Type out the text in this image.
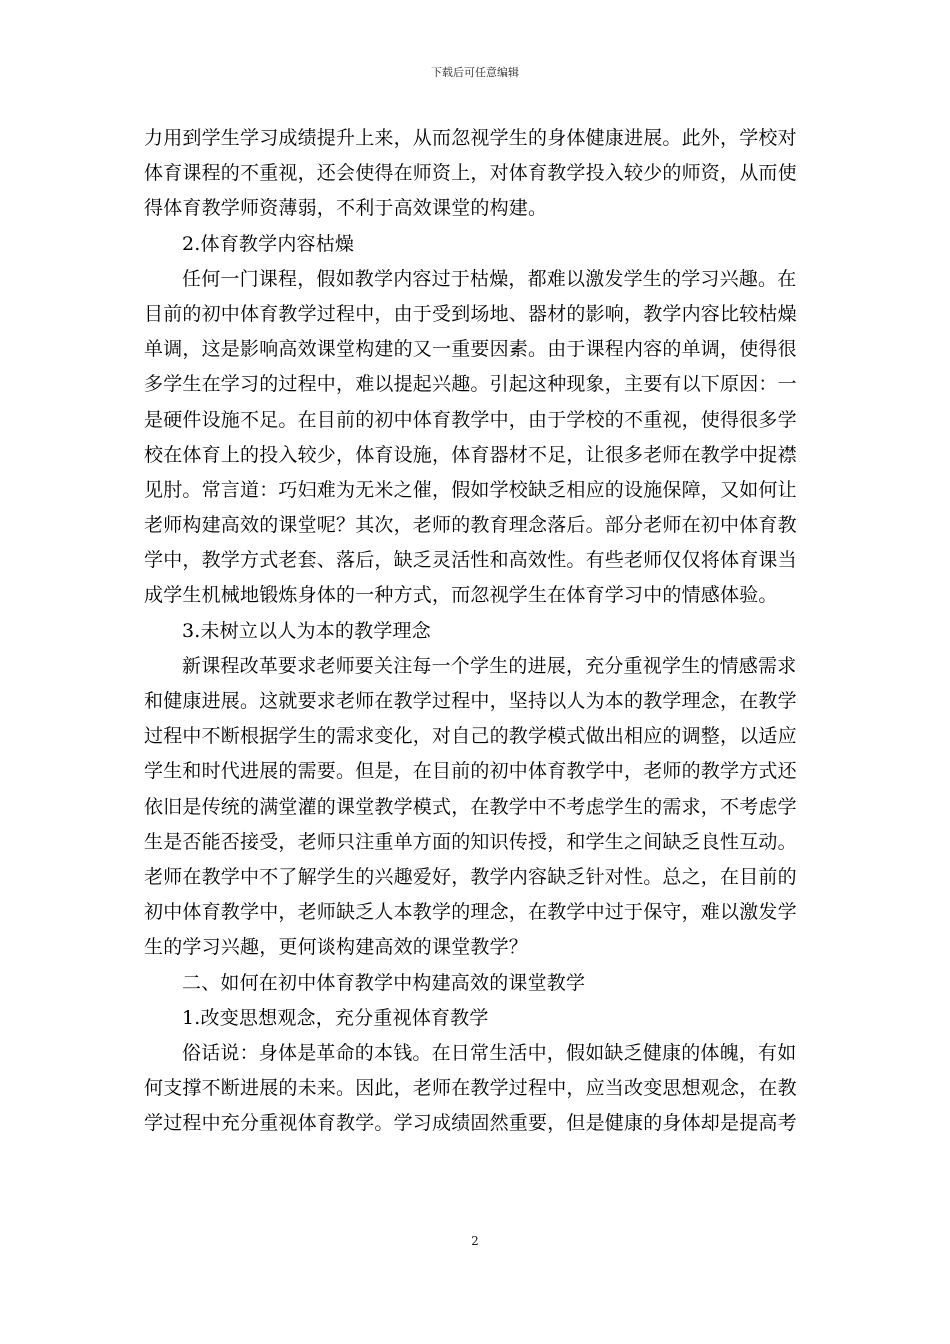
下载后可任意编辑
力用到学生学习成绩提升上来，从而忽视学生的身体健康进展。此外，学校对
体育课程的不重视，还会使得在师资上，对体育教学投入较少的师资，从而使
得体育教学师资薄弱，不利于高效课堂的构建。
2.体育教学内容枯燥
任何一门课程，假如教学内容过于枯燥，都难以激发学生的学习兴趣。在
目前的初中体育教学过程中，由于受到场地、器材的影响，教学内容比较枯燥
单调，这是影响高效课堂构建的又一重要因素。由于课程内容的单调，使得很
多学生在学习的过程中，难以提起兴趣。引起这种现象，主要有以下原因：一
是硬件设施不足。在目前的初中体育教学中，由于学校的不重视，使得很多学
校在体育上的投入较少，体育设施，体育器材不足，让很多老师在教学中捉襟
见肘。常言道：巧妇难为无米之催，假如学校缺乏相应的设施保障，又如何让
老师构建高效的课堂呢？其次，老师的教育理念落后。部分老师在初中体育教
学中，教学方式老套、落后，缺乏灵活性和高效性。有些老师仅仅将体育课当
成学生机械地锻炼身体的一种方式，而忽视学生在体育学习中的情感体验。
3.未树立以人为本的教学理念
新课程改革要求老师要关注每一个学生的进展，充分重视学生的情感需求
和健康进展。这就要求老师在教学过程中，坚持以人为本的教学理念，在教学
过程中不断根据学生的需求变化，对自己的教学模式做出相应的调整，以适应
学生和时代进展的需要。但是，在目前的初中体育教学中，老师的教学方式还
依旧是传统的满堂灌的课堂教学模式，在教学中不考虑学生的需求，不考虑学
生是否能否接受，老师只注重单方面的知识传授，和学生之间缺乏良性互动。
老师在教学中不了解学生的兴趣爱好，教学内容缺乏针对性。总之，在目前的
初中体育教学中，老师缺乏人本教学的理念，在教学中过于保守，难以激发学
生的学习兴趣，更何谈构建高效的课堂教学？
二、如何在初中体育教学中构建高效的课堂教学
1.改变思想观念，充分重视体育教学
俗话说：身体是革命的本钱。在日常生活中，假如缺乏健康的体魄，有如
何支撑不断进展的未来。因此，老师在教学过程中，应当改变思想观念，在教
学过程中充分重视体育教学。学习成绩固然重要，但是健康的身体却是提高考
2
